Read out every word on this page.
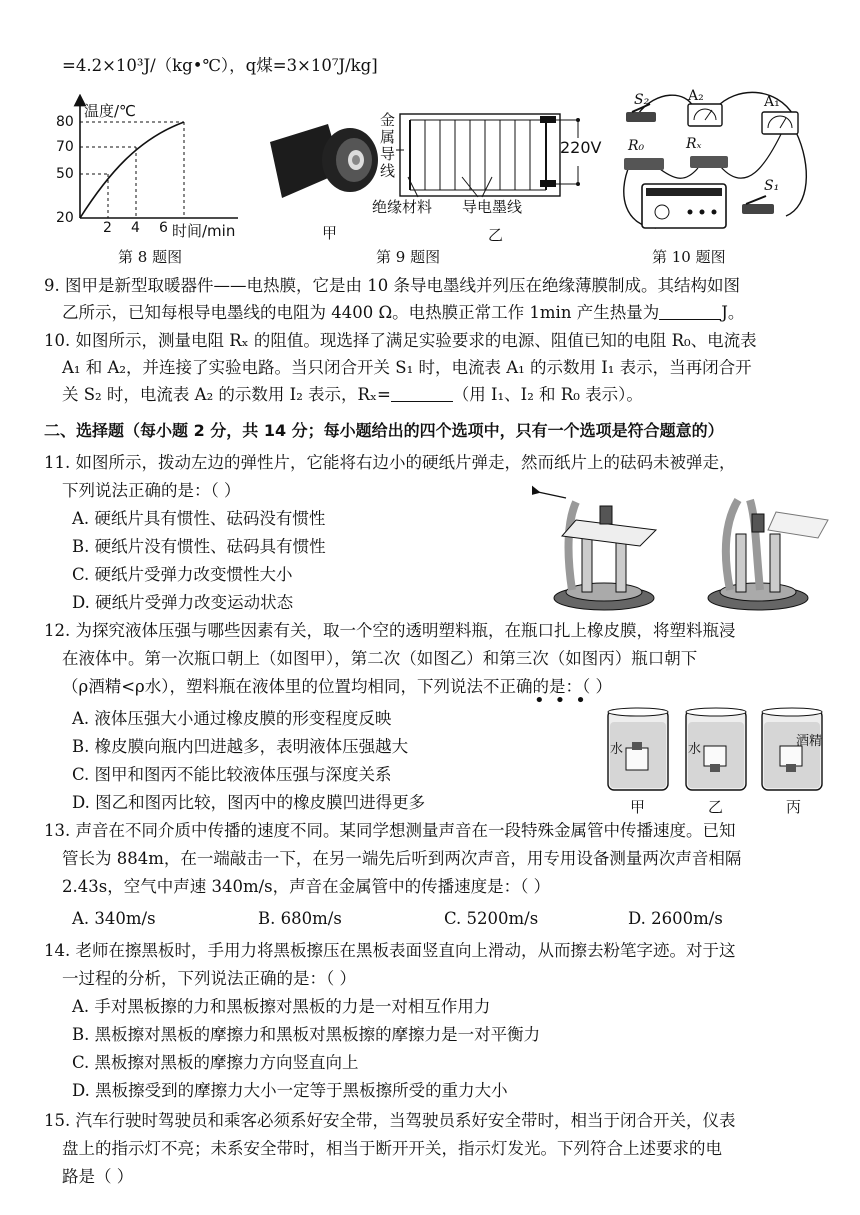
=4.2×10³J/（kg•℃），q煤=3×10⁷J/kg]
温度/℃
80
70
50
20
2 4 6 时间/min
第 8 题图
甲
金属导线
220V
绝缘材料 导电墨线
乙
第 9 题图
S₂	A₂	A₁
R₀	Rₓ
S₁
第 10 题图
9. 图甲是新型取暖器件——电热膜，它是由 10 条导电墨线并列压在绝缘薄膜制成。其结构如图
乙所示，已知每根导电墨线的电阻为 4400 Ω。电热膜正常工作 1min 产生热量为	J。
10. 如图所示，测量电阻 Rₓ 的阻值。现选择了满足实验要求的电源、阻值已知的电阻 R₀、电流表
A₁ 和 A₂，并连接了实验电路。当只闭合开关 S₁ 时，电流表 A₁ 的示数用 I₁ 表示，当再闭合开
关 S₂ 时，电流表 A₂ 的示数用 I₂ 表示，Rₓ=	（用 I₁、I₂ 和 R₀ 表示）。
二、选择题（每小题 2 分，共 14 分；每小题给出的四个选项中，只有一个选项是符合题意的）
11. 如图所示，拨动左边的弹性片，它能将右边小的硬纸片弹走，然而纸片上的砝码未被弹走，
下列说法正确的是：（ ）
A. 硬纸片具有惯性、砝码没有惯性
B. 硬纸片没有惯性、砝码具有惯性
C. 硬纸片受弹力改变惯性大小
D. 硬纸片受弹力改变运动状态
12. 为探究液体压强与哪些因素有关，取一个空的透明塑料瓶，在瓶口扎上橡皮膜，将塑料瓶浸
在液体中。第一次瓶口朝上（如图甲），第二次（如图乙）和第三次（如图丙）瓶口朝下
（ρ酒精<ρ水），塑料瓶在液体里的位置均相同，下列说法不正确的是：（ ）
•••
A. 液体压强大小通过橡皮膜的形变程度反映
B. 橡皮膜向瓶内凹进越多，表明液体压强越大
C. 图甲和图丙不能比较液体压强与深度关系
D. 图乙和图丙比较，图丙中的橡皮膜凹进得更多
水	水
酒精
甲	乙	丙
13. 声音在不同介质中传播的速度不同。某同学想测量声音在一段特殊金属管中传播速度。已知
管长为 884m，在一端敲击一下，在另一端先后听到两次声音，用专用设备测量两次声音相隔
2.43s，空气中声速 340m/s，声音在金属管中的传播速度是：（ ）
A. 340m/s	B. 680m/s	C. 5200m/s	D. 2600m/s
14. 老师在擦黑板时，手用力将黑板擦压在黑板表面竖直向上滑动，从而擦去粉笔字迹。对于这
一过程的分析，下列说法正确的是：（ ）
A. 手对黑板擦的力和黑板擦对黑板的力是一对相互作用力
B. 黑板擦对黑板的摩擦力和黑板对黑板擦的摩擦力是一对平衡力
C. 黑板擦对黑板的摩擦力方向竖直向上
D. 黑板擦受到的摩擦力大小一定等于黑板擦所受的重力大小
15. 汽车行驶时驾驶员和乘客必须系好安全带，当驾驶员系好安全带时，相当于闭合开关，仪表
盘上的指示灯不亮；未系安全带时，相当于断开开关，指示灯发光。下列符合上述要求的电
路是（ ）
